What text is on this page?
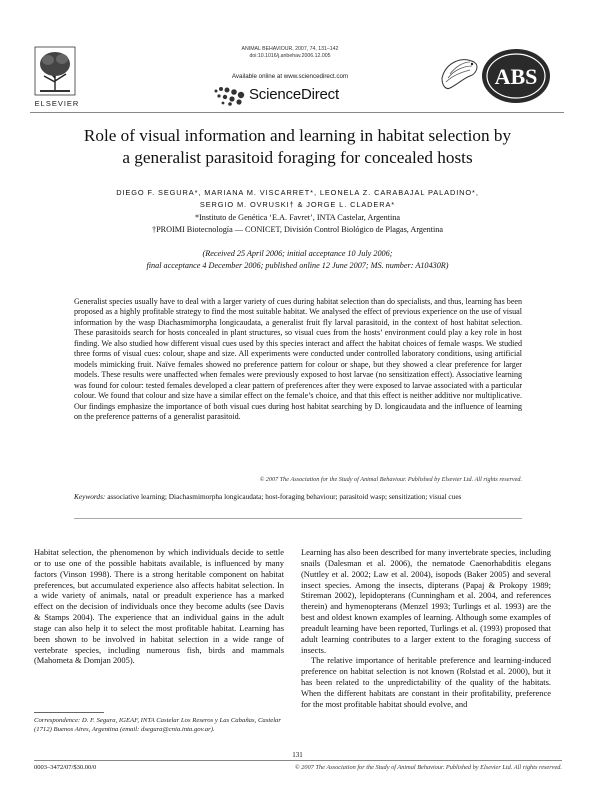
ELSEVIER
ANIMAL BEHAVIOUR, 2007, 74, 131–142
doi:10.1016/j.anbehav.2006.12.005
Available online at www.sciencedirect.com
ScienceDirect
ABS
Role of visual information and learning in habitat selection by
a generalist parasitoid foraging for concealed hosts
DIEGO F. SEGURA*, MARIANA M. VISCARRET*, LEONELA Z. CARABAJAL PALADINO*,
SERGIO M. OVRUSKI† & JORGE L. CLADERA*
*Instituto de Genética ‘E.A. Favret’, INTA Castelar, Argentina
†PROIMI Biotecnología — CONICET, División Control Biológico de Plagas, Argentina
(Received 25 April 2006; initial acceptance 10 July 2006;
final acceptance 4 December 2006; published online 12 June 2007; MS. number: A10430R)
Generalist species usually have to deal with a larger variety of cues during habitat selection than do specialists, and thus, learning has been proposed as a highly profitable strategy to find the most suitable habitat. We analysed the effect of previous experience on the use of visual information by the wasp Diachasmimorpha longicaudata, a generalist fruit fly larval parasitoid, in the context of host habitat selection. These parasitoids search for hosts concealed in plant structures, so visual cues from the hosts’ environment could play a key role in host finding. We also studied how different visual cues used by this species interact and affect the habitat choices of female wasps. We studied three forms of visual cues: colour, shape and size. All experiments were conducted under controlled laboratory conditions, using artificial models mimicking fruit. Naïve females showed no preference pattern for colour or shape, but they showed a clear preference for larger models. These results were unaffected when females were previously exposed to host larvae (no sensitization effect). Associative learning was found for colour: tested females developed a clear pattern of preferences after they were exposed to larvae associated with a particular colour. We found that colour and size have a similar effect on the female’s choice, and that this effect is neither additive nor multiplicative. Our findings emphasize the importance of both visual cues during host habitat searching by D. longicaudata and the influence of learning on the preference patterns of a generalist parasitoid.
© 2007 The Association for the Study of Animal Behaviour. Published by Elsevier Ltd. All rights reserved.
Keywords: associative learning; Diachasmimorpha longicaudata; host-foraging behaviour; parasitoid wasp; sensitization; visual cues

Habitat selection, the phenomenon by which individuals decide to settle or to use one of the possible habitats available, is influenced by many factors (Vinson 1998). There is a strong heritable component on habitat preferences, but accumulated experience also affects habitat selection. In a wide variety of animals, natal or preadult experience has a marked effect on the decision of individuals once they become adults (see Davis & Stamps 2004). The experience that an individual gains in the adult stage can also help it to select the most profitable habitat. Learning has been shown to be involved in habitat selection in a wide range of vertebrate species, including numerous fish, birds and mammals (Mahometa & Domjan 2005).

Learning has also been described for many invertebrate species, including snails (Dalesman et al. 2006), the nematode Caenorhabditis elegans (Nuttley et al. 2002; Law et al. 2004), isopods (Baker 2005) and several insect species. Among the insects, dipterans (Papaj & Prokopy 1989; Stireman 2002), lepidopterans (Cunningham et al. 2004, and references therein) and hymenopterans (Menzel 1993; Turlings et al. 1993) are the best and oldest known examples of learning. Although some examples of preadult learning have been reported, Turlings et al. (1993) proposed that adult learning contributes to a larger extent to the foraging success of insects.

The relative importance of heritable preference and learning-induced preference on habitat selection is not known (Rolstad et al. 2000), but it has been related to the unpredictability of the quality of the habitats. When the different habitats are constant in their profitability, preference for the most profitable habitat should evolve, and

Correspondence: D. F. Segura, IGEAF, INTA Castelar Los Reseros y Las Cabañas, Castelar (1712) Buenos Aires, Argentina (email: dsegura@cnia.inta.gov.ar).
131
0003–3472/07/$30.00/0	© 2007 The Association for the Study of Animal Behaviour. Published by Elsevier Ltd. All rights reserved.
